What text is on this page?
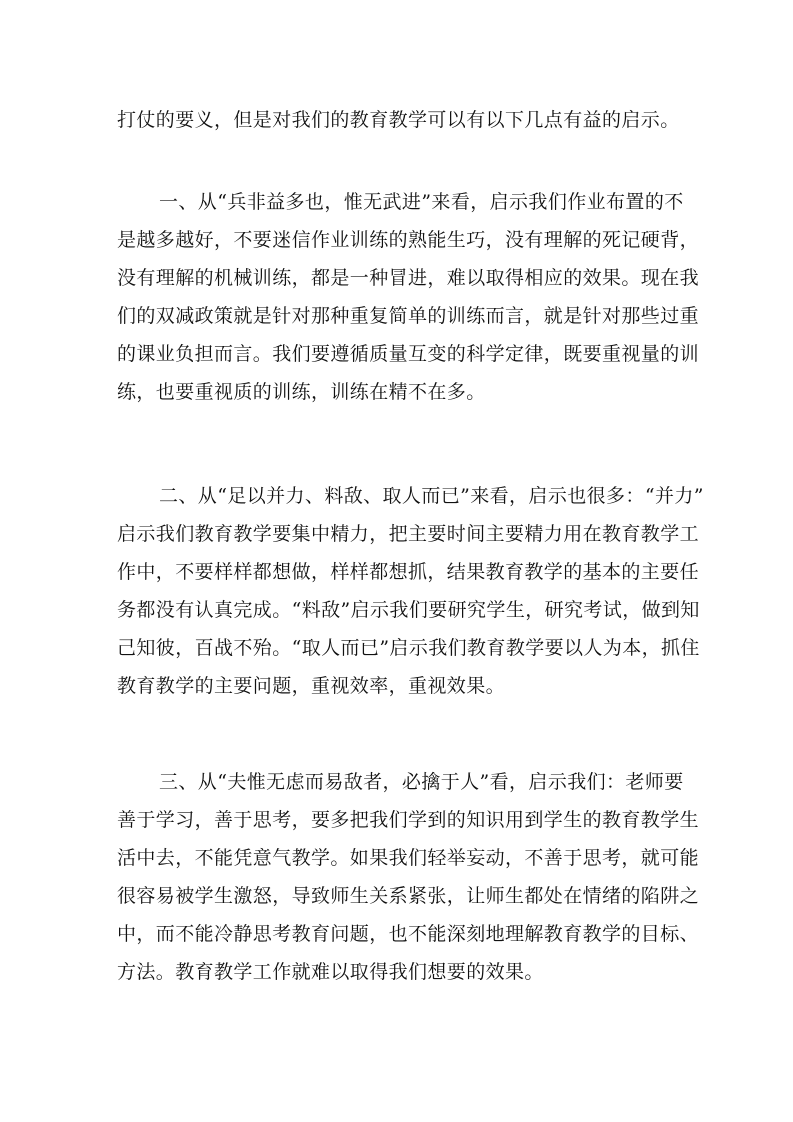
打仗的要义，但是对我们的教育教学可以有以下几点有益的启示。
一、从“兵非益多也，惟无武进”来看，启示我们作业布置的不
是越多越好，不要迷信作业训练的熟能生巧，没有理解的死记硬背，
没有理解的机械训练，都是一种冒进，难以取得相应的效果。现在我
们的双减政策就是针对那种重复简单的训练而言，就是针对那些过重
的课业负担而言。我们要遵循质量互变的科学定律，既要重视量的训
练，也要重视质的训练，训练在精不在多。
二、从“足以并力、料敌、取人而已”来看，启示也很多：“并力”
启示我们教育教学要集中精力，把主要时间主要精力用在教育教学工
作中，不要样样都想做，样样都想抓，结果教育教学的基本的主要任
务都没有认真完成。“料敌”启示我们要研究学生，研究考试，做到知
己知彼，百战不殆。“取人而已”启示我们教育教学要以人为本，抓住
教育教学的主要问题，重视效率，重视效果。
三、从“夫惟无虑而易敌者，必擒于人”看，启示我们：老师要
善于学习，善于思考，要多把我们学到的知识用到学生的教育教学生
活中去，不能凭意气教学。如果我们轻举妄动，不善于思考，就可能
很容易被学生激怒，导致师生关系紧张，让师生都处在情绪的陷阱之
中，而不能冷静思考教育问题，也不能深刻地理解教育教学的目标、
方法。教育教学工作就难以取得我们想要的效果。
